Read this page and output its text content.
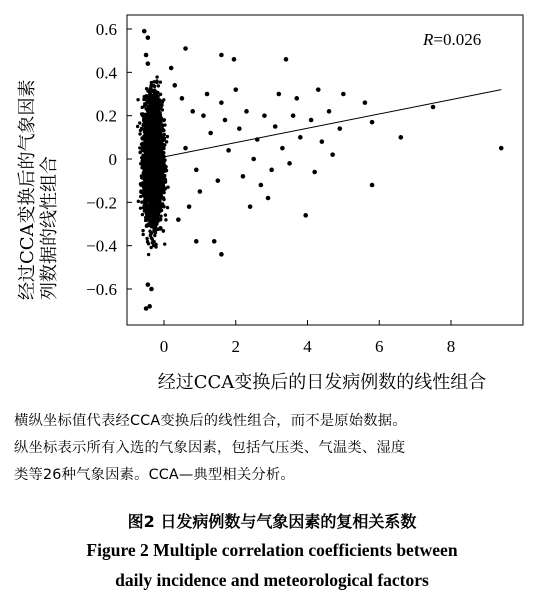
0	2	4	6	8
0.6
0.4
0.2
0
−0.2
−0.4
−0.6
R=0.026
经过CCA变换后的日发病例数的线性组合
经过CCA变换后的气象因素 列数据的线性组合
横纵坐标值代表经CCA变换后的线性组合，而不是原始数据。
纵坐标表示所有入选的气象因素，包括气压类、气温类、湿度
类等26种气象因素。CCA—典型相关分析。
图2 日发病例数与气象因素的复相关系数
Figure 2 Multiple correlation coefficients between
daily incidence and meteorological factors
